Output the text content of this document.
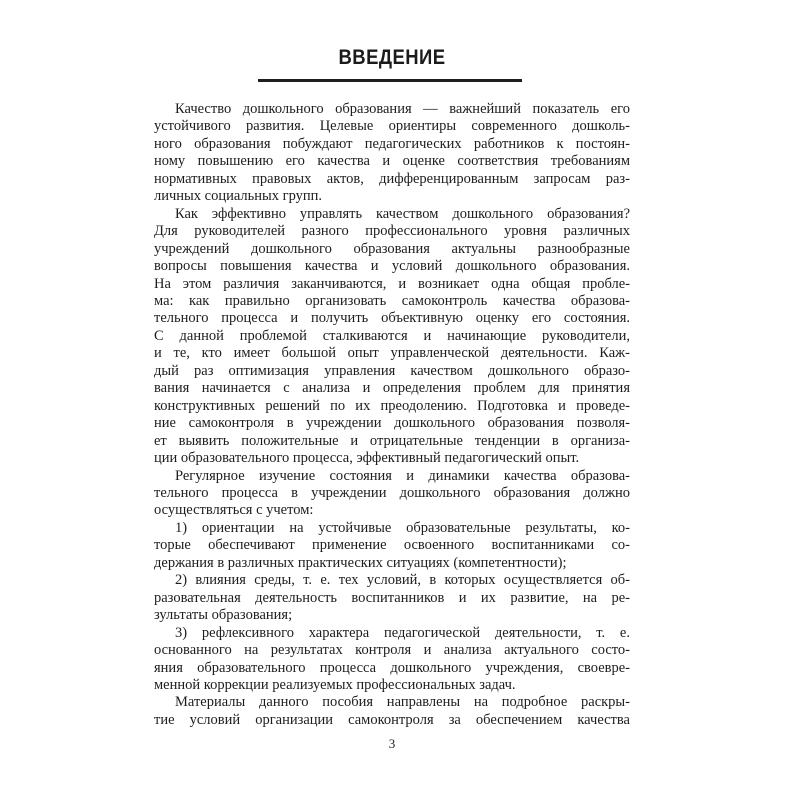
ВВЕДЕНИЕ
Качество дошкольного образования — важнейший показатель его
устойчивого развития. Целевые ориентиры современного дошколь-
ного образования побуждают педагогических работников к постоян-
ному повышению его качества и оценке соответствия требованиям
нормативных правовых актов, дифференцированным запросам раз-
личных социальных групп.
Как эффективно управлять качеством дошкольного образования?
Для руководителей разного профессионального уровня различных
учреждений дошкольного образования актуальны разнообразные
вопросы повышения качества и условий дошкольного образования.
На этом различия заканчиваются, и возникает одна общая пробле-
ма: как правильно организовать самоконтроль качества образова-
тельного процесса и получить объективную оценку его состояния.
С данной проблемой сталкиваются и начинающие руководители,
и те, кто имеет большой опыт управленческой деятельности. Каж-
дый раз оптимизация управления качеством дошкольного образо-
вания начинается с анализа и определения проблем для принятия
конструктивных решений по их преодолению. Подготовка и проведе-
ние самоконтроля в учреждении дошкольного образования позволя-
ет выявить положительные и отрицательные тенденции в организа-
ции образовательного процесса, эффективный педагогический опыт.
Регулярное изучение состояния и динамики качества образова-
тельного процесса в учреждении дошкольного образования должно
осуществляться с учетом:
1) ориентации на устойчивые образовательные результаты, ко-
торые обеспечивают применение освоенного воспитанниками со-
держания в различных практических ситуациях (компетентности);
2) влияния среды, т. е. тех условий, в которых осуществляется об-
разовательная деятельность воспитанников и их развитие, на ре-
зультаты образования;
3) рефлексивного характера педагогической деятельности, т. е.
основанного на результатах контроля и анализа актуального состо-
яния образовательного процесса дошкольного учреждения, своевре-
менной коррекции реализуемых профессиональных задач.
Материалы данного пособия направлены на подробное раскры-
тие условий организации самоконтроля за обеспечением качества
3
